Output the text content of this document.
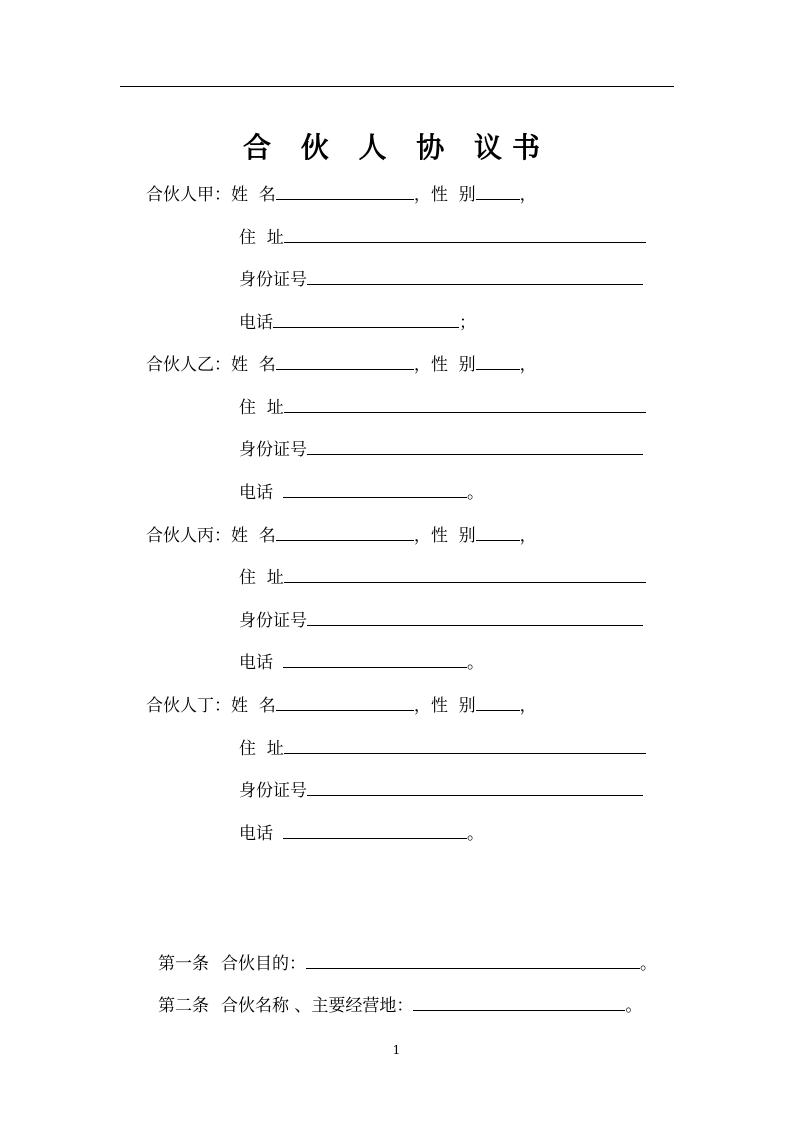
合 伙 人 协 议书
合伙人甲：姓  名	，性  别	，
住  址
身份证号
电话	；
合伙人乙：姓  名	，性  别	，
住  址
身份证号
电话	。
合伙人丙：姓  名	，性  别	，
住  址
身份证号
电话	。
合伙人丁：姓  名	，性  别	，
住  址
身份证号
电话	。
第一条 合伙目的：	。
第二条 合伙名称 、主要经营地：	。
1
